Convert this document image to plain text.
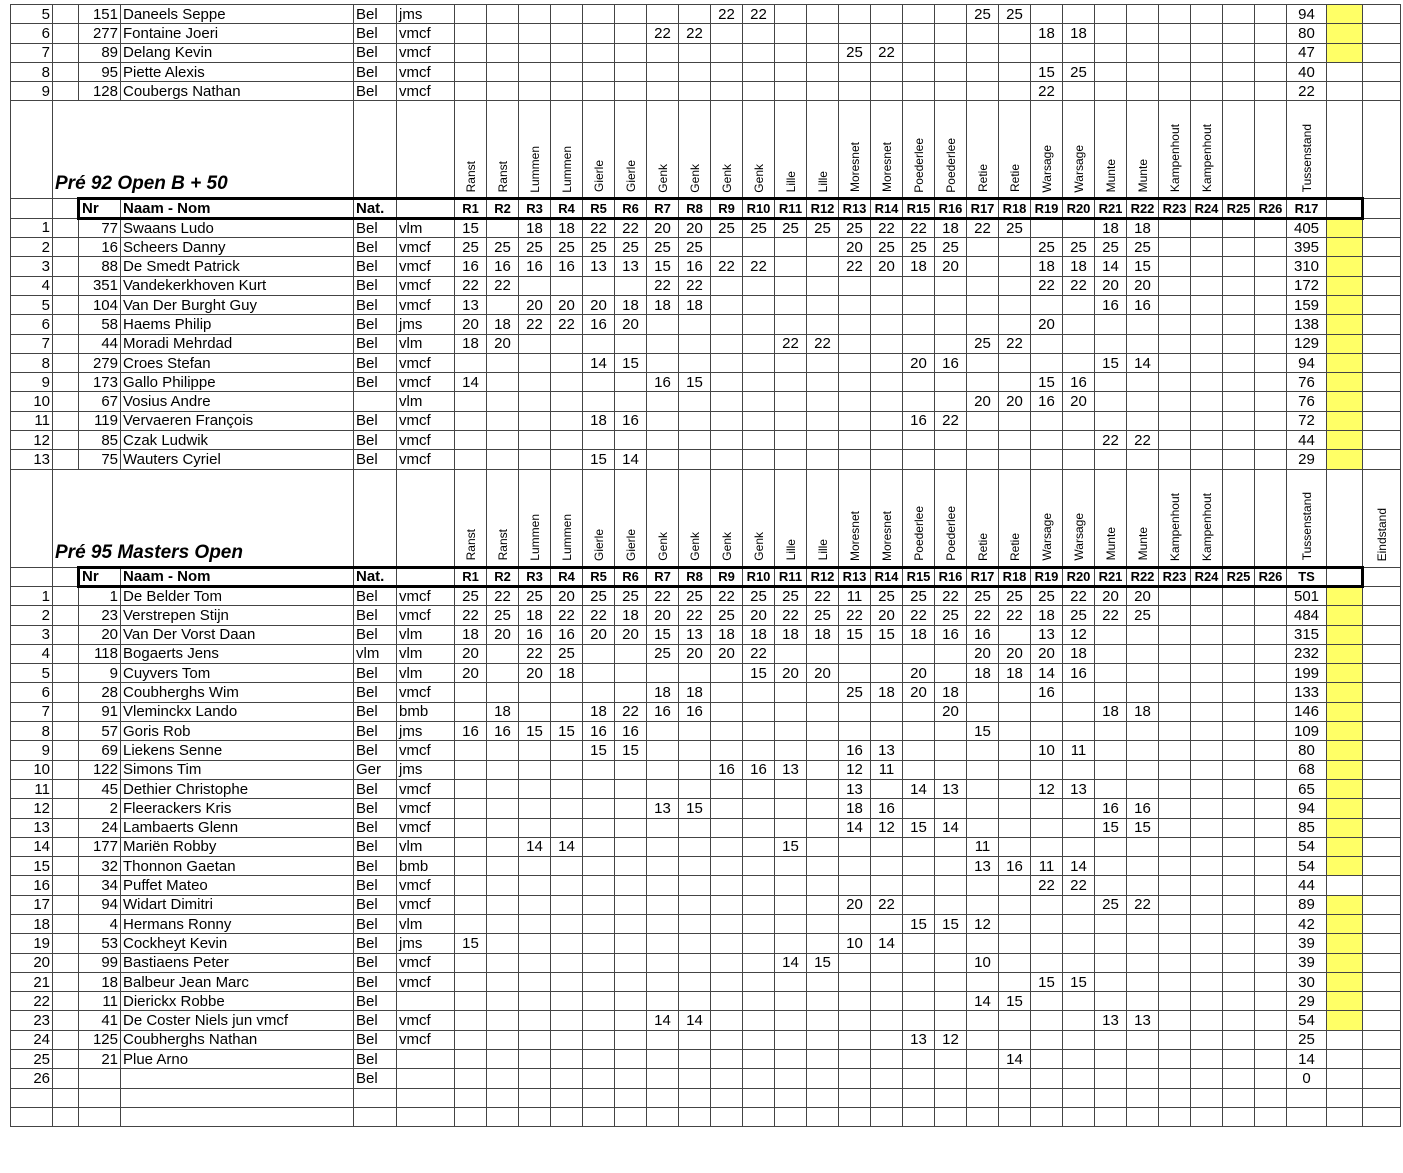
5		151	Daneels Seppe	Bel	jms									22	22							25	25									94		
6		277	Fontaine Joeri	Bel	vmcf							22	22											18	18							80		
7		89	Delang Kevin	Bel	vmcf													25	22													47		
8		95	Piette Alexis	Bel	vmcf																			15	25							40		
9		128	Coubergs Nathan	Bel	vmcf																			22								22		

	Pré 92 Open B + 50					Ranst	Ranst	Lummen	Lummen	Gierle	Gierle	Genk	Genk	Genk	Genk	Lille	Lille	Moresnet	Moresnet	Poederlee	Poederlee	Retie	Retie	Warsage	Warsage	Munte	Munte	Kampenhout	Kampenhout			Tussenstand		
		Nr	Naam - Nom	Nat.		R1	R2	R3	R4	R5	R6	R7	R8	R9	R10	R11	R12	R13	R14	R15	R16	R17	R18	R19	R20	R21	R22	R23	R24	R25	R26	R17		
1		77	Swaans Ludo	Bel	vlm	15		18	18	22	22	20	20	25	25	25	25	25	22	22	18	22	25			18	18					405		
2		16	Scheers Danny	Bel	vmcf	25	25	25	25	25	25	25	25					20	25	25	25			25	25	25	25					395		
3		88	De Smedt Patrick	Bel	vmcf	16	16	16	16	13	13	15	16	22	22			22	20	18	20			18	18	14	15					310		
4		351	Vandekerkhoven Kurt	Bel	vmcf	22	22					22	22											22	22	20	20					172		
5		104	Van Der Burght Guy	Bel	vmcf	13		20	20	20	18	18	18													16	16					159		
6		58	Haems Philip	Bel	jms	20	18	22	22	16	20													20								138		
7		44	Moradi Mehrdad	Bel	vlm	18	20									22	22					25	22									129		
8		279	Croes Stefan	Bel	vmcf					14	15									20	16					15	14					94		
9		173	Gallo Philippe	Bel	vmcf	14						16	15											15	16							76		
10		67	Vosius Andre		vlm																	20	20	16	20							76		
11		119	Vervaeren François	Bel	vmcf					18	16									16	22											72		
12		85	Czak Ludwik	Bel	vmcf																					22	22					44		
13		75	Wauters Cyriel	Bel	vmcf					15	14																					29		

	Pré 95 Masters Open					Ranst	Ranst	Lummen	Lummen	Gierle	Gierle	Genk	Genk	Genk	Genk	Lille	Lille	Moresnet	Moresnet	Poederlee	Poederlee	Retie	Retie	Warsage	Warsage	Munte	Munte	Kampenhout	Kampenhout			Tussenstand		Eindstand
		Nr	Naam - Nom	Nat.		R1	R2	R3	R4	R5	R6	R7	R8	R9	R10	R11	R12	R13	R14	R15	R16	R17	R18	R19	R20	R21	R22	R23	R24	R25	R26	TS		
1		1	De Belder Tom	Bel	vmcf	25	22	25	20	25	25	22	25	22	25	25	22	11	25	25	22	25	25	25	22	20	20					501		
2		23	Verstrepen Stijn	Bel	vmcf	22	25	18	22	22	18	20	22	25	20	22	25	22	20	22	25	22	22	18	25	22	25					484		
3		20	Van Der Vorst Daan	Bel	vlm	18	20	16	16	20	20	15	13	18	18	18	18	15	15	18	16	16		13	12							315		
4		118	Bogaerts Jens	vlm	vlm	20		22	25			25	20	20	22							20	20	20	18							232		
5		9	Cuyvers Tom	Bel	vlm	20		20	18						15	20	20			20		18	18	14	16							199		
6		28	Coubherghs Wim	Bel	vmcf							18	18					25	18	20	18			16								133		
7		91	Vleminckx Lando	Bel	bmb		18			18	22	16	16								20					18	18					146		
8		57	Goris Rob	Bel	jms	16	16	15	15	16	16											15										109		
9		69	Liekens Senne	Bel	vmcf					15	15							16	13					10	11							80		
10		122	Simons Tim	Ger	jms									16	16	13		12	11													68		
11		45	Dethier Christophe	Bel	vmcf													13		14	13			12	13							65		
12		2	Fleerackers Kris	Bel	vmcf							13	15					18	16							16	16					94		
13		24	Lambaerts Glenn	Bel	vmcf													14	12	15	14					15	15					85		
14		177	Mariën Robby	Bel	vlm			14	14							15						11										54		
15		32	Thonnon Gaetan	Bel	bmb																	13	16	11	14							54		
16		34	Puffet Mateo	Bel	vmcf																			22	22							44		
17		94	Widart Dimitri	Bel	vmcf													20	22							25	22					89		
18		4	Hermans Ronny	Bel	vlm															15	15	12										42		
19		53	Cockheyt Kevin	Bel	jms	15												10	14													39		
20		99	Bastiaens Peter	Bel	vmcf											14	15					10										39		
21		18	Balbeur Jean Marc	Bel	vmcf																			15	15							30		
22		11	Dierickx Robbe	Bel																		14	15									29		
23		41	De Coster Niels jun vmcf	Bel	vmcf							14	14													13	13					54		
24		125	Coubherghs Nathan	Bel	vmcf															13	12											25		
25		21	Plue Arno	Bel																			14									14		
26				Bel																												0		
